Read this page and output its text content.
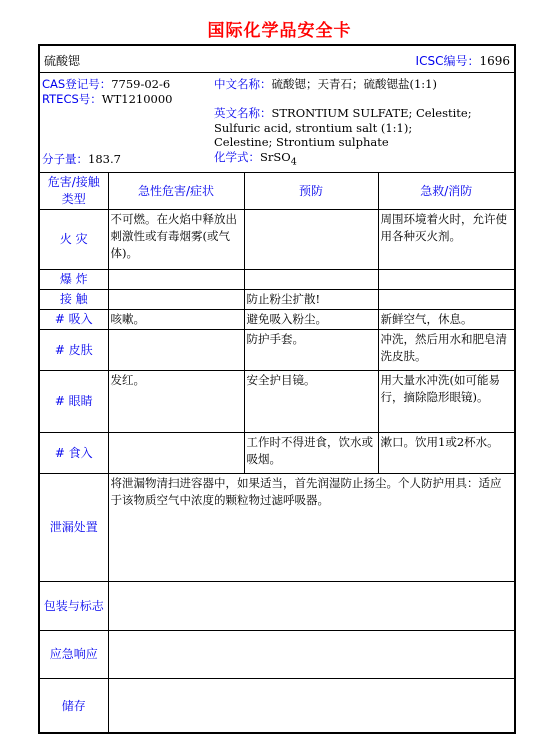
国际化学品安全卡
硫酸锶	ICSC编号：1696
CAS登记号：7759-02-6
RTECS号：WT1210000
分子量：183.7
中文名称：硫酸锶；天青石；硫酸锶盐(1:1)
英文名称：STRONTIUM SULFATE; Celestite;
Sulfuric acid, strontium salt (1:1);
Celestine; Strontium sulphate
化学式：SrSO$_4$
危害/接触类型	急性危害/症状	预防	急救/消防
火 灾	不可燃。在火焰中释放出刺激性或有毒烟雾(或气体)。		周围环境着火时，允许使用各种灭火剂。
爆 炸			
接 触		防止粉尘扩散!	
# 吸入	咳嗽。	避免吸入粉尘。	新鲜空气，休息。
# 皮肤		防护手套。	冲洗，然后用水和肥皂清洗皮肤。
# 眼睛	发红。	安全护目镜。	用大量水冲洗(如可能易行，摘除隐形眼镜)。
# 食入		工作时不得进食，饮水或吸烟。	漱口。饮用1或2杯水。
泄漏处置	将泄漏物清扫进容器中，如果适当，首先润湿防止扬尘。个人防护用具：适应于该物质空气中浓度的颗粒物过滤呼吸器。		
包装与标志			
应急响应			
储存			
